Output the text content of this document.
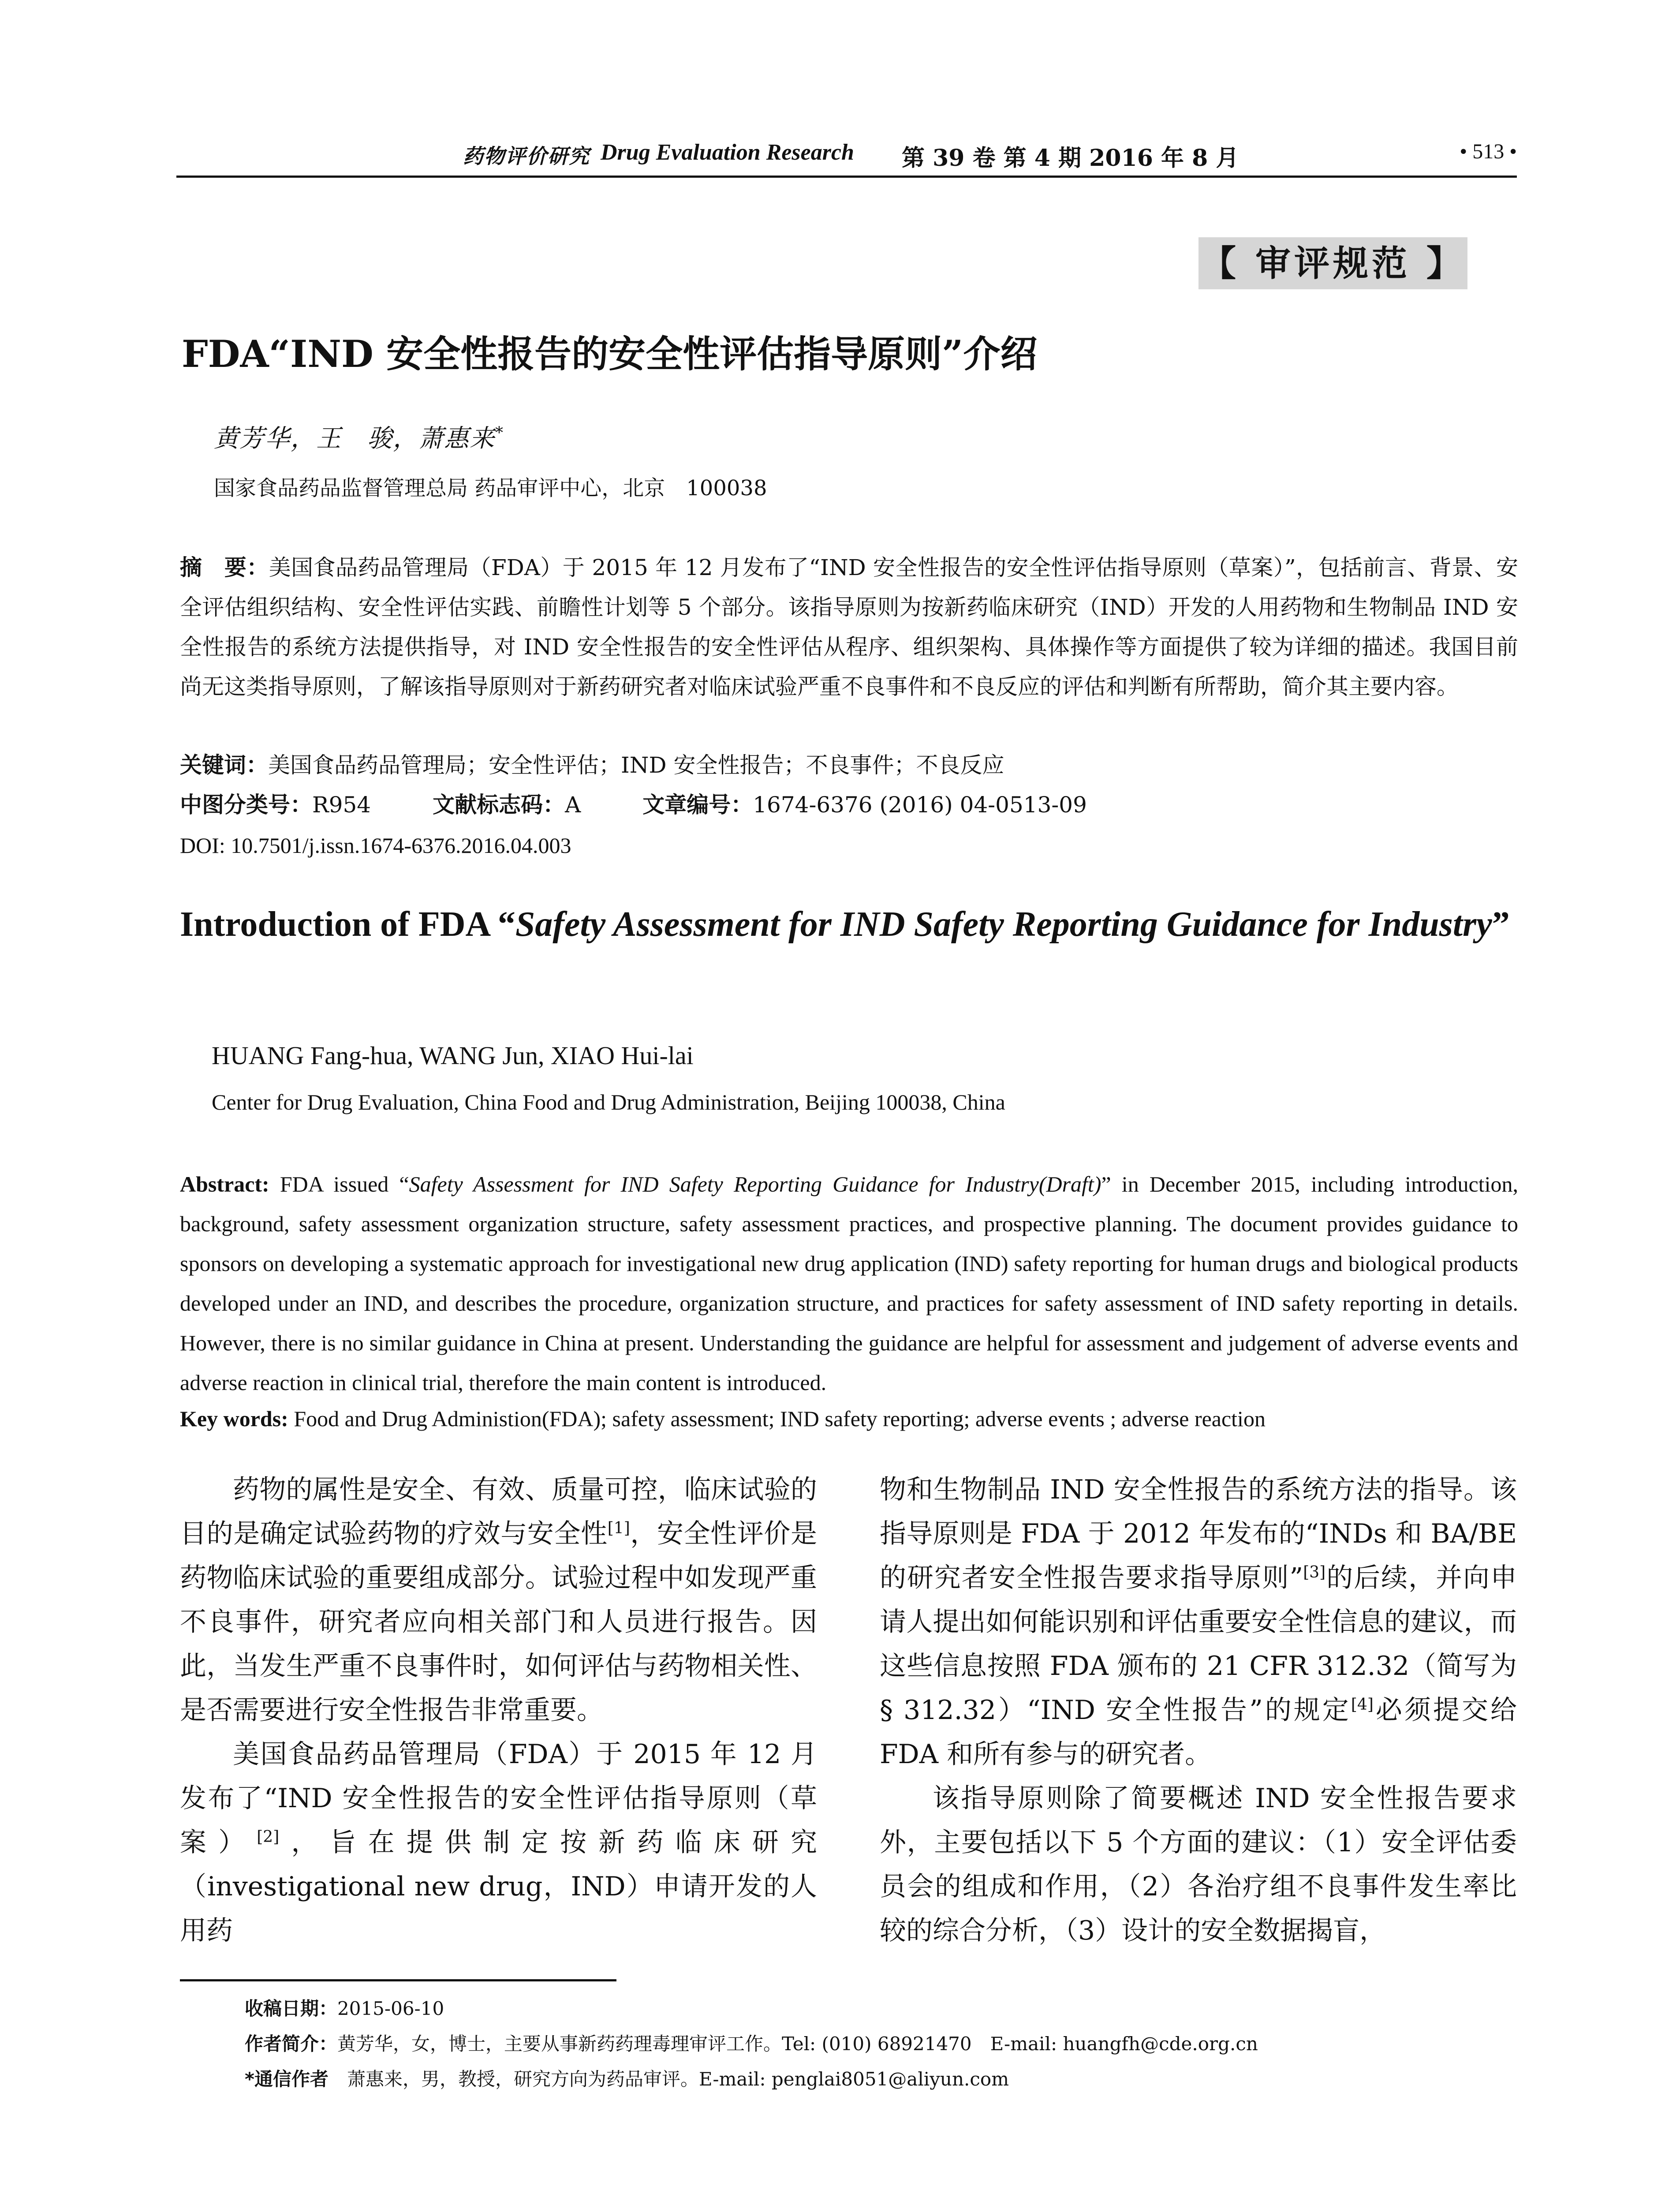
药物评价研究 Drug Evaluation Research 第 39 卷 第 4 期 2016 年 8 月	• 513 •
【 审评规范 】
FDA“IND 安全性报告的安全性评估指导原则”介绍
黄芳华，王　骏，萧惠来*
国家食品药品监督管理总局 药品审评中心，北京　100038
摘　要：美国食品药品管理局（FDA）于 2015 年 12 月发布了“IND 安全性报告的安全性评估指导原则（草案）”，包括前言、背景、安全评估组织结构、安全性评估实践、前瞻性计划等 5 个部分。该指导原则为按新药临床研究（IND）开发的人用药物和生物制品 IND 安全性报告的系统方法提供指导，对 IND 安全性报告的安全性评估从程序、组织架构、具体操作等方面提供了较为详细的描述。我国目前尚无这类指导原则，了解该指导原则对于新药研究者对临床试验严重不良事件和不良反应的评估和判断有所帮助，简介其主要内容。
关键词：美国食品药品管理局；安全性评估；IND 安全性报告；不良事件；不良反应
中图分类号：R954	文献标志码：A	文章编号：1674-6376 (2016) 04-0513-09
DOI: 10.7501/j.issn.1674-6376.2016.04.003
Introduction of FDA “Safety Assessment for IND Safety Reporting Guidance for Industry”
HUANG Fang-hua, WANG Jun, XIAO Hui-lai
Center for Drug Evaluation, China Food and Drug Administration, Beijing 100038, China
Abstract: FDA issued “Safety Assessment for IND Safety Reporting Guidance for Industry(Draft)” in December 2015, including introduction, background, safety assessment organization structure, safety assessment practices, and prospective planning. The document provides guidance to sponsors on developing a systematic approach for investigational new drug application (IND) safety reporting for human drugs and biological products developed under an IND, and describes the procedure, organization structure, and practices for safety assessment of IND safety reporting in details. However, there is no similar guidance in China at present. Understanding the guidance are helpful for assessment and judgement of adverse events and adverse reaction in clinical trial, therefore the main content is introduced.
Key words: Food and Drug Administion(FDA); safety assessment; IND safety reporting; adverse events ; adverse reaction

药物的属性是安全、有效、质量可控，临床试验的目的是确定试验药物的疗效与安全性[1]，安全性评价是药物临床试验的重要组成部分。试验过程中如发现严重不良事件，研究者应向相关部门和人员进行报告。因此，当发生严重不良事件时，如何评估与药物相关性、是否需要进行安全性报告非常重要。

美国食品药品管理局（FDA）于 2015 年 12 月发布了“IND 安全性报告的安全性评估指导原则（草案）[2]，旨在提供制定按新药临床研究（investigational new drug，IND）申请开发的人用药

物和生物制品 IND 安全性报告的系统方法的指导。该指导原则是 FDA 于 2012 年发布的“INDs 和 BA/BE 的研究者安全性报告要求指导原则”[3]的后续，并向申请人提出如何能识别和评估重要安全性信息的建议，而这些信息按照 FDA 颁布的 21 CFR 312.32（简写为 § 312.32）“IND 安全性报告”的规定[4]必须提交给 FDA 和所有参与的研究者。

该指导原则除了简要概述 IND 安全性报告要求外，主要包括以下 5 个方面的建议：（1）安全评估委员会的组成和作用，（2）各治疗组不良事件发生率比较的综合分析，（3）设计的安全数据揭盲，

收稿日期：2015-06-10
作者简介：黄芳华，女，博士，主要从事新药药理毒理审评工作。Tel: (010) 68921470　E-mail: huangfh@cde.org.cn
*通信作者　萧惠来，男，教授，研究方向为药品审评。E-mail: penglai8051@aliyun.com
